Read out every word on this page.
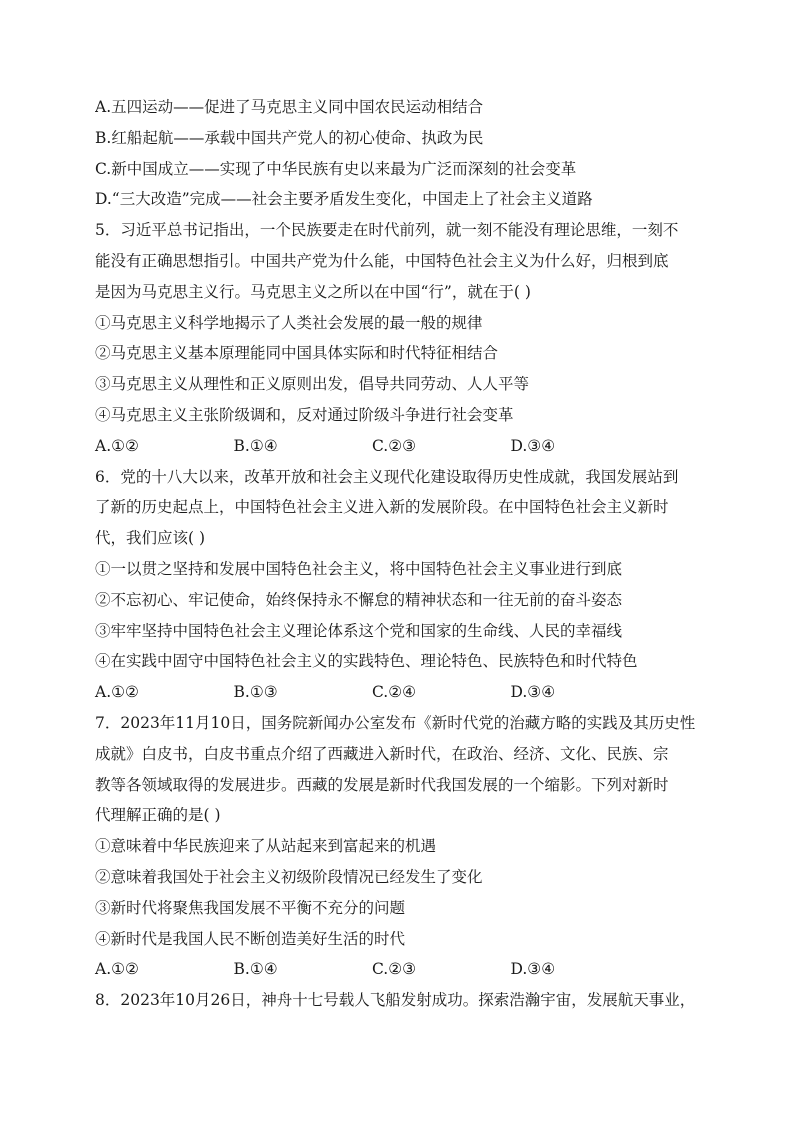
A.五四运动——促进了马克思主义同中国农民运动相结合
B.红船起航——承载中国共产党人的初心使命、执政为民
C.新中国成立——实现了中华民族有史以来最为广泛而深刻的社会变革
D.“三大改造”完成——社会主要矛盾发生变化，中国走上了社会主义道路
5．习近平总书记指出，一个民族要走在时代前列，就一刻不能没有理论思维，一刻不
能没有正确思想指引。中国共产党为什么能，中国特色社会主义为什么好，归根到底
是因为马克思主义行。马克思主义之所以在中国“行”，就在于( )
①马克思主义科学地揭示了人类社会发展的最一般的规律
②马克思主义基本原理能同中国具体实际和时代特征相结合
③马克思主义从理性和正义原则出发，倡导共同劳动、人人平等
④马克思主义主张阶级调和，反对通过阶级斗争进行社会变革
A.①②	B.①④	C.②③	D.③④
6．党的十八大以来，改革开放和社会主义现代化建设取得历史性成就，我国发展站到
了新的历史起点上，中国特色社会主义进入新的发展阶段。在中国特色社会主义新时
代，我们应该( )
①一以贯之坚持和发展中国特色社会主义，将中国特色社会主义事业进行到底
②不忘初心、牢记使命，始终保持永不懈怠的精神状态和一往无前的奋斗姿态
③牢牢坚持中国特色社会主义理论体系这个党和国家的生命线、人民的幸福线
④在实践中固守中国特色社会主义的实践特色、理论特色、民族特色和时代特色
A.①②	B.①③	C.②④	D.③④
7．2023年11月10日，国务院新闻办公室发布《新时代党的治藏方略的实践及其历史性
成就》白皮书，白皮书重点介绍了西藏进入新时代，在政治、经济、文化、民族、宗
教等各领域取得的发展进步。西藏的发展是新时代我国发展的一个缩影。下列对新时
代理解正确的是( )
①意味着中华民族迎来了从站起来到富起来的机遇
②意味着我国处于社会主义初级阶段情况已经发生了变化
③新时代将聚焦我国发展不平衡不充分的问题
④新时代是我国人民不断创造美好生活的时代
A.①②	B.①④	C.②③	D.③④
8．2023年10月26日，神舟十七号载人飞船发射成功。探索浩瀚宇宙，发展航天事业，
